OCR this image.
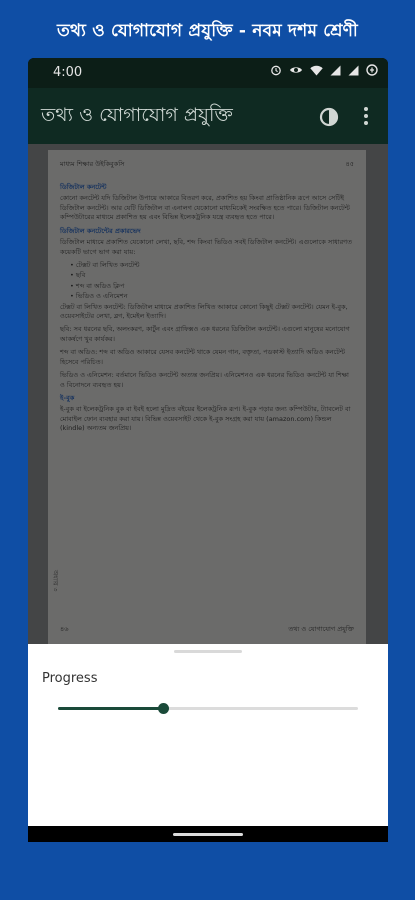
তথ্য ও যোগাযোগ প্রযুক্তি - নবম দশম শ্রেণী
4:00
তথ্য ও যোগাযোগ প্রযুক্তি
মাধ্যম শিক্ষার উইকিবুকসি	৪৫
ডিজিটাল কনটেন্ট

কোনো কনটেন্ট যদি ডিজিটাল উপায়ে আকারে বিতরণ করে, প্রকাশিত হয় কিংবা প্রাতিষ্ঠানিক রূপে আসে সেটিই ডিজিটাল কনটেন্ট। আর যেটি ডিজিটাল বা এনালগ যেকোনো মাধ্যমিকেই সংরক্ষিত হতে পারে। ডিজিটাল কনটেন্ট কম্পিউটারের মাধ্যমে প্রকাশিত হয় এবং বিভিন্ন ইলেকট্রনিক যন্ত্রে ব্যবহৃত হতে পারে।

ডিজিটাল কনটেন্টের প্রকারভেদ

ডিজিটাল মাধ্যমে প্রকাশিত যেকোনো লেখা, ছবি, শব্দ কিংবা ভিডিও সবই ডিজিটাল কনটেন্ট। এগুলোকে সাধারণত কয়েকটি ভাগে ভাগ করা যায়:

• টেক্সট বা লিখিত কনটেন্ট
• ছবি
• শব্দ বা অডিও ক্লিপ
• ভিডিও ও এনিমেশন

টেক্সট বা লিখিত কনটেন্ট: ডিজিটাল মাধ্যমে প্রকাশিত লিখিত আকারে কোনো কিছুই টেক্সট কনটেন্ট। যেমন ই-বুক, ওয়েবসাইটের লেখা, ব্লগ, ইমেইল ইত্যাদি।

ছবি: সব ধরনের ছবি, অলংকরণ, কার্টুন এবং গ্রাফিক্সও এক ধরনের ডিজিটাল কনটেন্ট। এগুলো মানুষের মনোযোগ আকর্ষণে খুব কার্যকর।

শব্দ বা অডিও: শব্দ বা অডিও আকারে যেসব কনটেন্ট থাকে যেমন গান, বক্তৃতা, পডকাস্ট ইত্যাদি অডিও কনটেন্ট হিসেবে পরিচিত।

ভিডিও ও এনিমেশন: বর্তমানে ভিডিও কনটেন্ট অত্যন্ত জনপ্রিয়। এনিমেশনও এক ধরনের ভিডিও কনটেন্ট যা শিক্ষা ও বিনোদনে ব্যবহৃত হয়।

ই-বুক

ই-বুক বা ইলেকট্রনিক বুক বা ইবই হলো মুদ্রিত বইয়ের ইলেকট্রনিক রূপ। ই-বুক পড়ার জন্য কম্পিউটার, ট্যাবলেট বা মোবাইল ফোন ব্যবহার করা যায়। বিভিন্ন ওয়েবসাইট থেকে ই-বুক সংগ্রহ করা যায় (amazon.com) কিন্ডল (kindle) অন্যতম জনপ্রিয়।

অধ্যায় ৩
৪৬	তথ্য ও যোগাযোগ প্রযুক্তি
Progress
